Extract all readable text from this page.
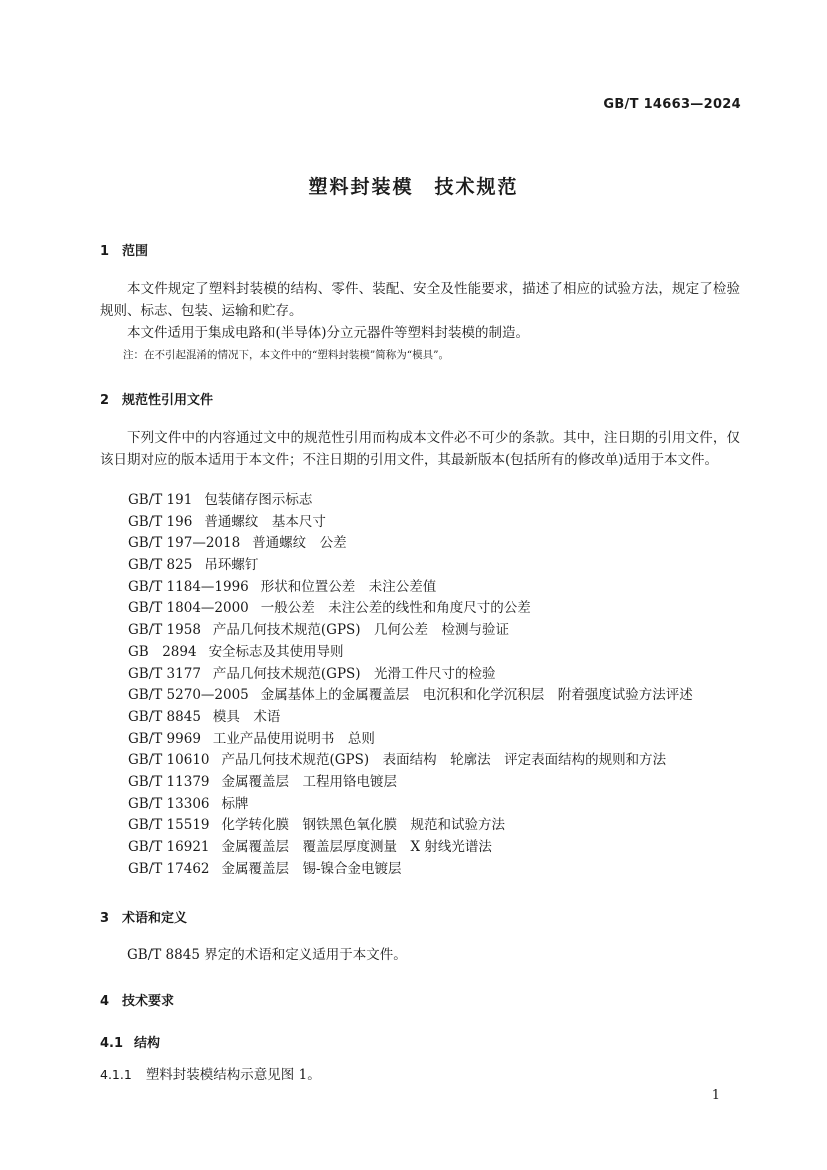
GB/T 14663—2024
塑料封装模　技术规范
1 范围

本文件规定了塑料封装模的结构、零件、装配、安全及性能要求，描述了相应的试验方法，规定了检验规则、标志、包装、运输和贮存。

本文件适用于集成电路和(半导体)分立元器件等塑料封装模的制造。

注：在不引起混淆的情况下，本文件中的“塑料封装模”简称为“模具”。
2 规范性引用文件

下列文件中的内容通过文中的规范性引用而构成本文件必不可少的条款。其中，注日期的引用文件，仅该日期对应的版本适用于本文件；不注日期的引用文件，其最新版本(包括所有的修改单)适用于本文件。

GB/T 191 包装储存图示标志
GB/T 196 普通螺纹　基本尺寸
GB/T 197—2018 普通螺纹　公差
GB/T 825 吊环螺钉
GB/T 1184—1996 形状和位置公差　未注公差值
GB/T 1804—2000 一般公差　未注公差的线性和角度尺寸的公差
GB/T 1958 产品几何技术规范(GPS)　几何公差　检测与验证
GB　2894 安全标志及其使用导则
GB/T 3177 产品几何技术规范(GPS)　光滑工件尺寸的检验
GB/T 5270—2005 金属基体上的金属覆盖层　电沉积和化学沉积层　附着强度试验方法评述
GB/T 8845 模具　术语
GB/T 9969 工业产品使用说明书　总则
GB/T 10610 产品几何技术规范(GPS)　表面结构　轮廓法　评定表面结构的规则和方法
GB/T 11379 金属覆盖层　工程用铬电镀层
GB/T 13306 标牌
GB/T 15519 化学转化膜　钢铁黑色氧化膜　规范和试验方法
GB/T 16921 金属覆盖层　覆盖层厚度测量　X 射线光谱法
GB/T 17462 金属覆盖层　锡-镍合金电镀层
3 术语和定义

GB/T 8845 界定的术语和定义适用于本文件。

4 技术要求
4.1 结构
4.1.1 塑料封装模结构示意见图 1。
1
